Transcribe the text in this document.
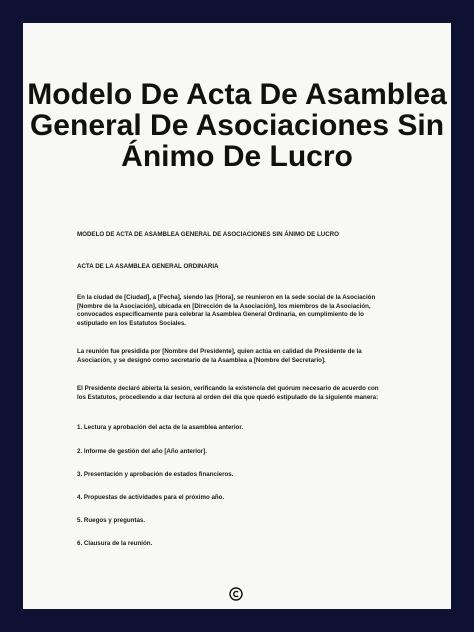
Modelo De Acta De Asamblea General De Asociaciones Sin Ánimo De Lucro
MODELO DE ACTA DE ASAMBLEA GENERAL DE ASOCIACIONES SIN ÁNIMO DE LUCRO
ACTA DE LA ASAMBLEA GENERAL ORDINARIA
En la ciudad de [Ciudad], a [Fecha], siendo las [Hora], se reunieron en la sede social de la Asociación [Nombre de la Asociación], ubicada en [Dirección de la Asociación], los miembros de la Asociación, convocados específicamente para celebrar la Asamblea General Ordinaria, en cumplimiento de lo estipulado en los Estatutos Sociales.
La reunión fue presidida por [Nombre del Presidente], quien actúa en calidad de Presidente de la Asociación, y se designó como secretario de la Asamblea a [Nombre del Secretario].
El Presidente declaró abierta la sesión, verificando la existencia del quórum necesario de acuerdo con los Estatutos, procediendo a dar lectura al orden del día que quedó estipulado de la siguiente manera:
1. Lectura y aprobación del acta de la asamblea anterior.
2. Informe de gestión del año [Año anterior].
3. Presentación y aprobación de estados financieros.
4. Propuestas de actividades para el próximo año.
5. Ruegos y preguntas.
6. Clausura de la reunión.
